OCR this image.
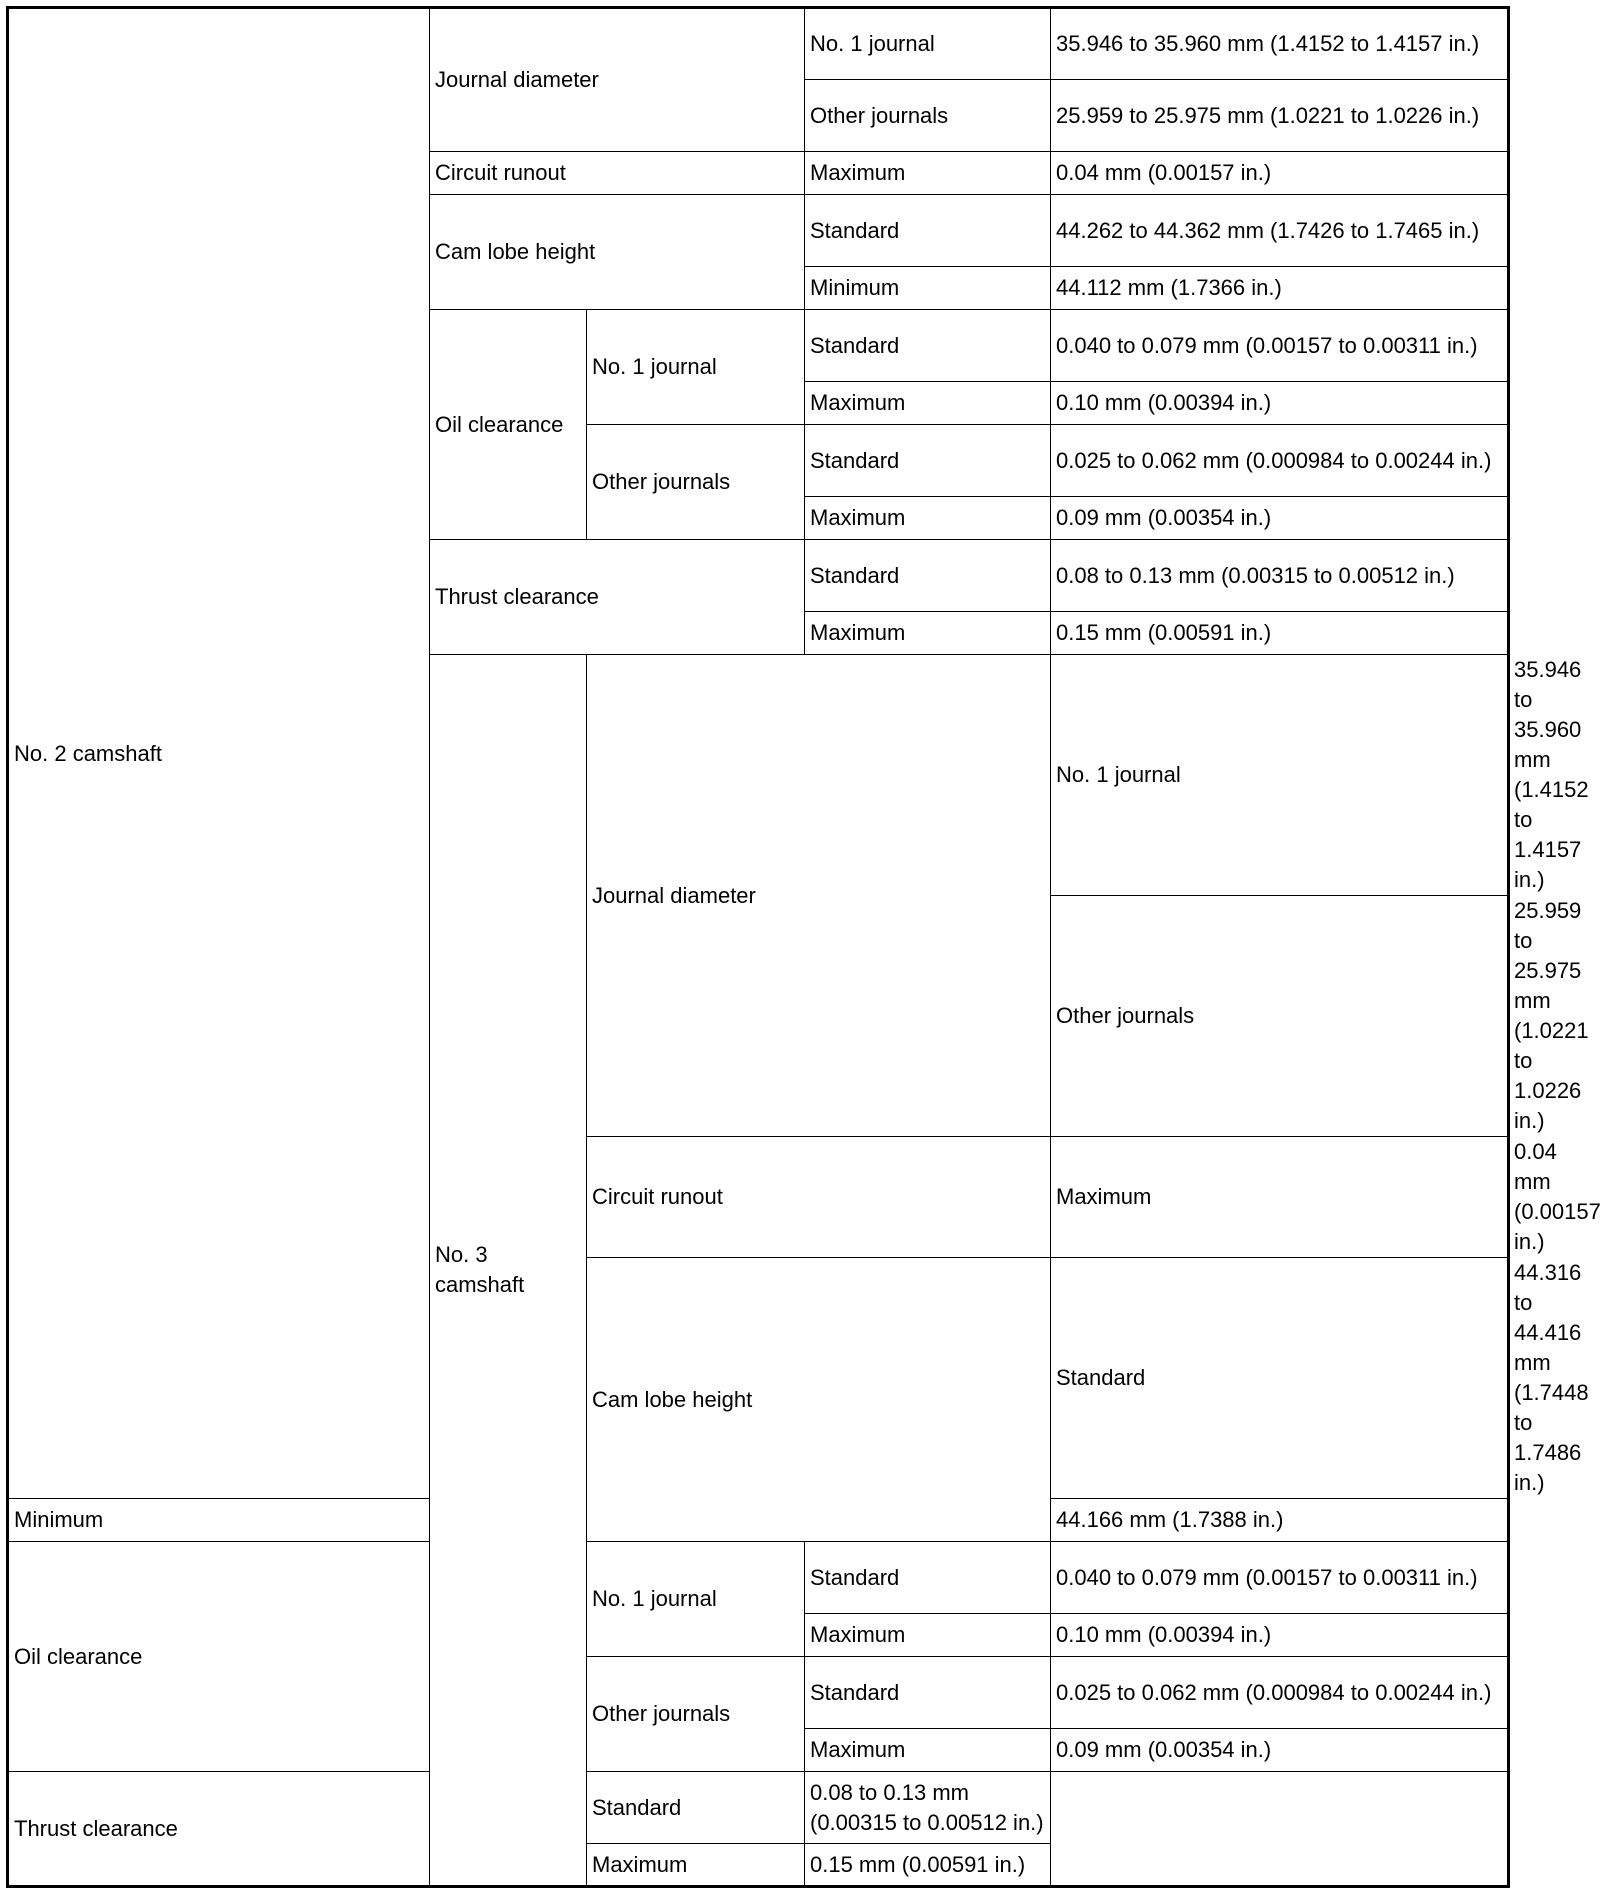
No. 2 camshaft	Journal diameter		No. 1 journal	35.946 to 35.960 mm (1.4152 to 1.4157 in.)	
			Other journals	25.959 to 25.975 mm (1.0221 to 1.0226 in.)	
	Circuit runout		Maximum	0.04 mm (0.00157 in.)	
	Cam lobe height		Standard	44.262 to 44.362 mm (1.7426 to 1.7465 in.)	
			Minimum	44.112 mm (1.7366 in.)	
	Oil clearance	No. 1 journal	Standard	0.040 to 0.079 mm (0.00157 to 0.00311 in.)	
			Maximum	0.10 mm (0.00394 in.)	
		Other journals	Standard	0.025 to 0.062 mm (0.000984 to 0.00244 in.)	
			Maximum	0.09 mm (0.00354 in.)	
	Thrust clearance		Standard	0.08 to 0.13 mm (0.00315 to 0.00512 in.)	
			Maximum	0.15 mm (0.00591 in.)	
	No. 3 camshaft	Journal diameter		No. 1 journal	35.946 to 35.960 mm (1.4152 to 1.4157 in.)
				Other journals	25.959 to 25.975 mm (1.0221 to 1.0226 in.)
		Circuit runout		Maximum	0.04 mm (0.00157 in.)
		Cam lobe height		Standard	44.316 to 44.416 mm (1.7448 to 1.7486 in.)
Minimum				44.166 mm (1.7388 in.)	
Oil clearance		No. 1 journal	Standard	0.040 to 0.079 mm (0.00157 to 0.00311 in.)	
			Maximum	0.10 mm (0.00394 in.)	
		Other journals	Standard	0.025 to 0.062 mm (0.000984 to 0.00244 in.)	
			Maximum	0.09 mm (0.00354 in.)	
Thrust clearance		Standard	0.08 to 0.13 mm (0.00315 to 0.00512 in.)		
		Maximum	0.15 mm (0.00591 in.)		
